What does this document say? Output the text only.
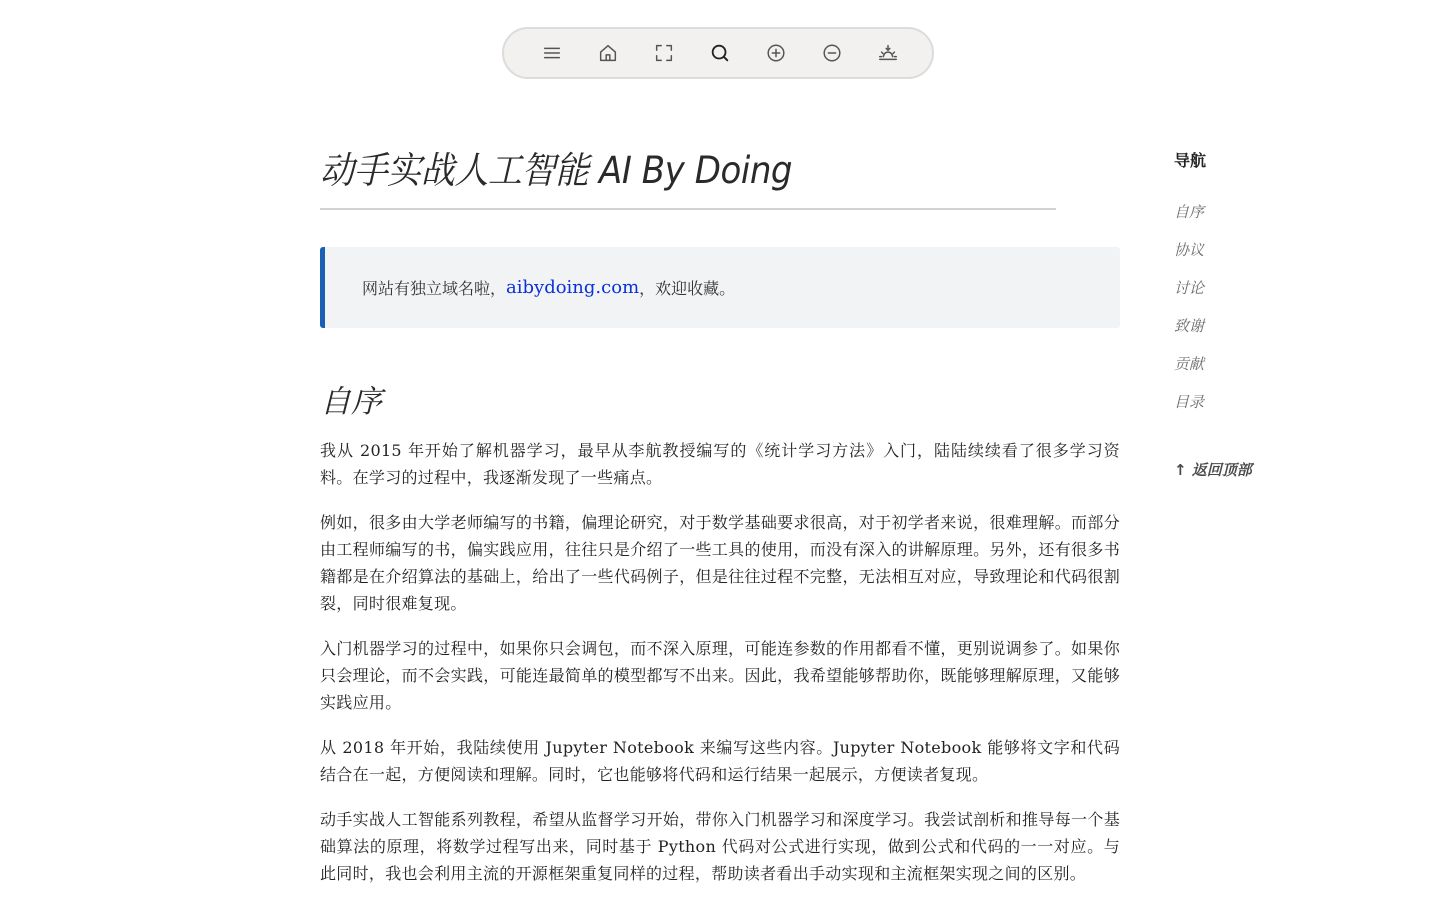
动手实战人工智能 AI By Doing
网站有独立域名啦， aibydoing.com ，欢迎收藏。
自序

我从 2015 年开始了解机器学习，最早从李航教授编写的《统计学习方法》入门，陆陆续续看了很多学习资料。在学习的过程中，我逐渐发现了一些痛点。

例如，很多由大学老师编写的书籍，偏理论研究，对于数学基础要求很高，对于初学者来说，很难理解。而部分由工程师编写的书，偏实践应用，往往只是介绍了一些工具的使用，而没有深入的讲解原理。另外，还有很多书籍都是在介绍算法的基础上，给出了一些代码例子，但是往往过程不完整，无法相互对应，导致理论和代码很割裂，同时很难复现。

入门机器学习的过程中，如果你只会调包，而不深入原理，可能连参数的作用都看不懂，更别说调参了。如果你只会理论，而不会实践，可能连最简单的模型都写不出来。因此，我希望能够帮助你，既能够理解原理，又能够实践应用。

从 2018 年开始，我陆续使用 Jupyter Notebook 来编写这些内容。Jupyter Notebook 能够将文字和代码结合在一起，方便阅读和理解。同时，它也能够将代码和运行结果一起展示，方便读者复现。

动手实战人工智能系列教程，希望从监督学习开始，带你入门机器学习和深度学习。我尝试剖析和推导每一个基础算法的原理，将数学过程写出来，同时基于 Python 代码对公式进行实现，做到公式和代码的一一对应。与此同时，我也会利用主流的开源框架重复同样的过程，帮助读者看出手动实现和主流框架实现之间的区别。

导航
自序
协议
讨论
致谢
贡献
目录
↑ 返回顶部
